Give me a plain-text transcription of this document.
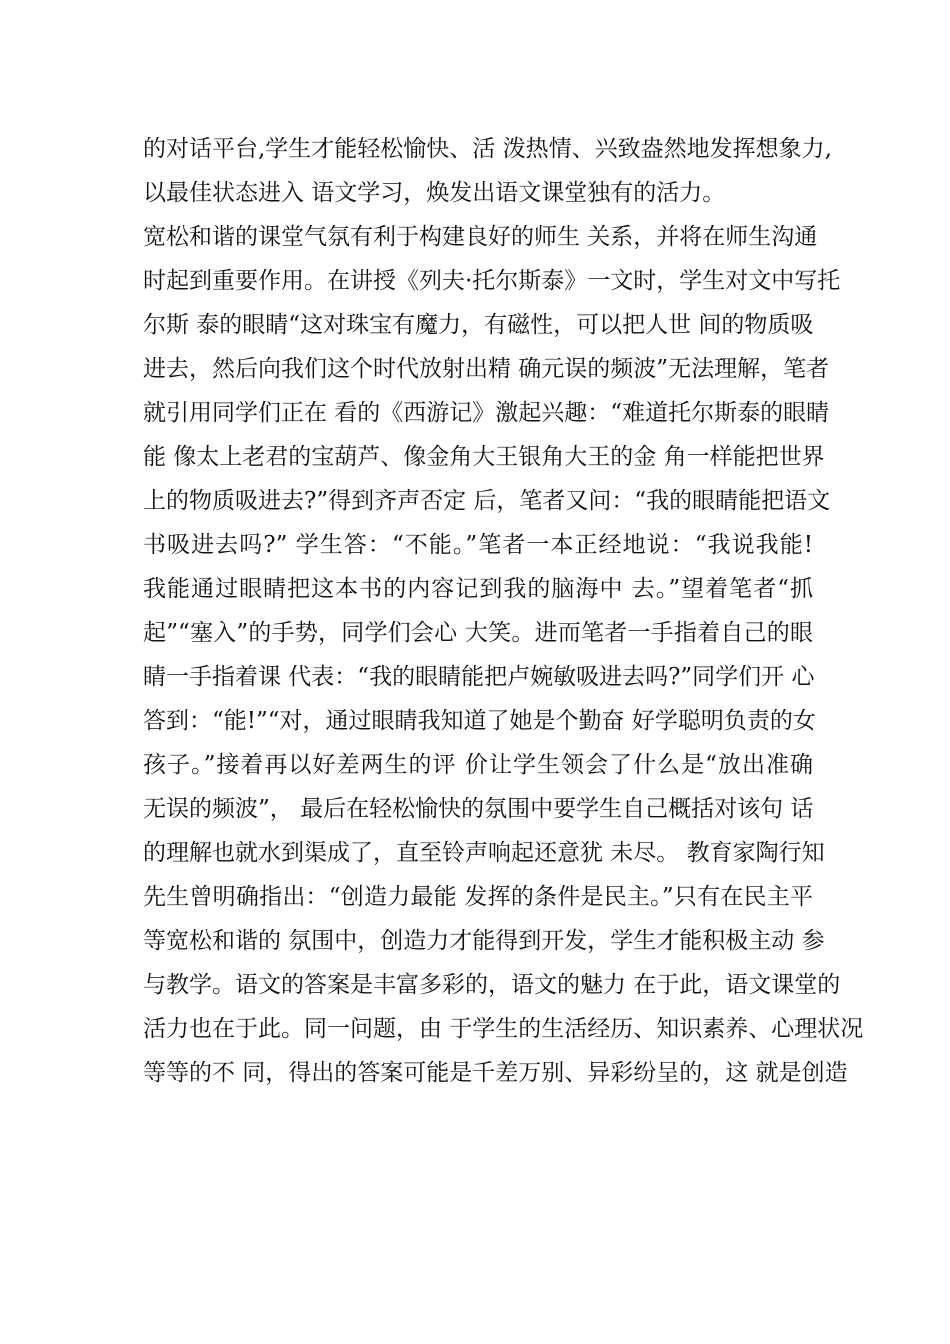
的对话平台,学生才能轻松愉快、活 泼热情、兴致盎然地发挥想象力,
以最佳状态进入 语文学习，焕发出语文课堂独有的活力。
宽松和谐的课堂气氛有利于构建良好的师生 关系，并将在师生沟通
时起到重要作用。在讲授《列夫·托尔斯泰》一文时，学生对文中写托
尔斯 泰的眼睛“这对珠宝有魔力，有磁性，可以把人世 间的物质吸
进去，然后向我们这个时代放射出精 确元误的频波”无法理解，笔者
就引用同学们正在 看的《西游记》激起兴趣：“难道托尔斯泰的眼睛
能 像太上老君的宝葫芦、像金角大王银角大王的金 角一样能把世界
上的物质吸进去?”得到齐声否定 后，笔者又问：“我的眼睛能把语文
书吸进去吗?” 学生答：“不能。”笔者一本正经地说：“我说我能!
我能通过眼睛把这本书的内容记到我的脑海中 去。”望着笔者“抓
起”“塞入”的手势，同学们会心 大笑。进而笔者一手指着自己的眼
睛一手指着课 代表：“我的眼睛能把卢婉敏吸进去吗?”同学们开 心
答到：“能!”“对，通过眼睛我知道了她是个勤奋 好学聪明负责的女
孩子。”接着再以好差两生的评 价让学生领会了什么是“放出准确
无误的频波”， 最后在轻松愉快的氛围中要学生自己概括对该句 话
的理解也就水到渠成了，直至铃声响起还意犹 未尽。 教育家陶行知
先生曾明确指出：“创造力最能 发挥的条件是民主。”只有在民主平
等宽松和谐的 氛围中，创造力才能得到开发，学生才能积极主动 参
与教学。语文的答案是丰富多彩的，语文的魅力 在于此，语文课堂的
活力也在于此。同一问题，由 于学生的生活经历、知识素养、心理状况
等等的不 同，得出的答案可能是千差万别、异彩纷呈的，这 就是创造
